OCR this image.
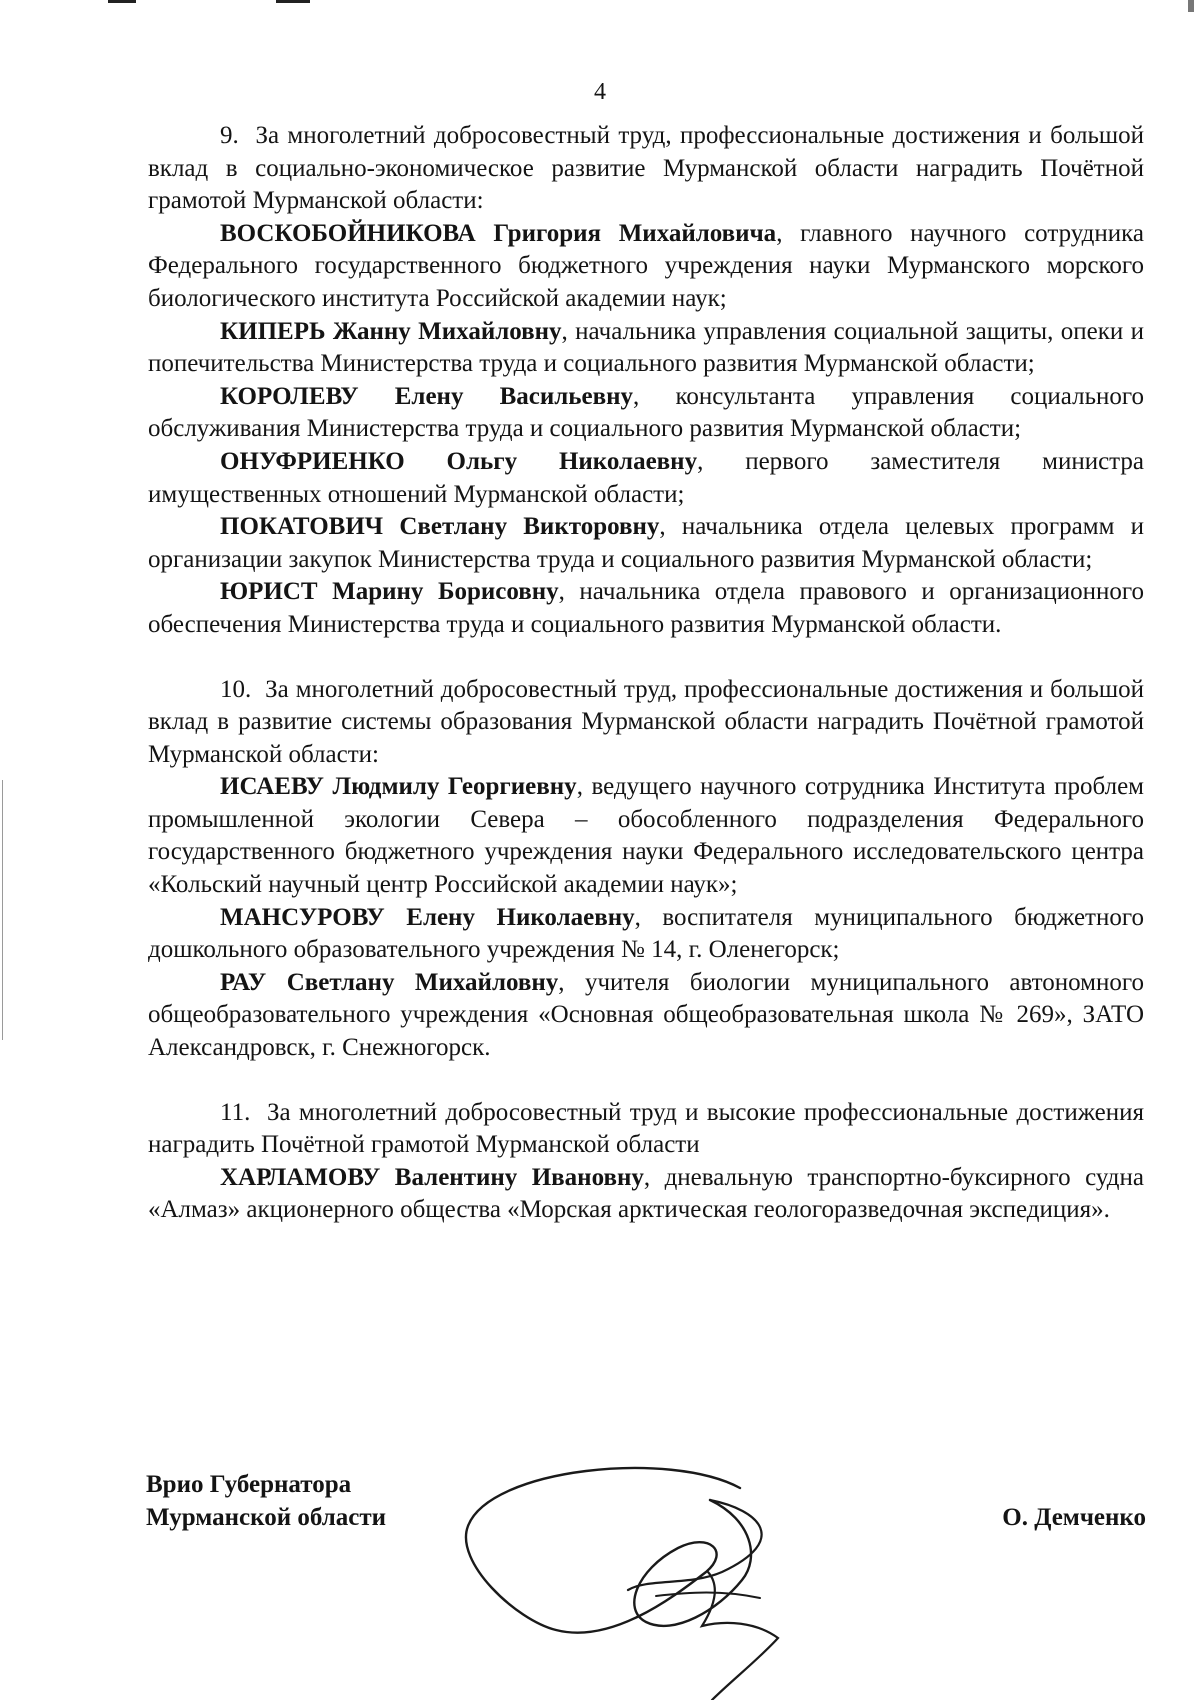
4

9. За многолетний добросовестный труд, профессиональные достижения и большой вклад в социально-экономическое развитие Мурманской области наградить Почётной грамотой Мурманской области:

ВОСКОБОЙНИКОВА Григория Михайловича, главного научного сотрудника Федерального государственного бюджетного учреждения науки Мурманского морского биологического института Российской академии наук;

КИПЕРЬ Жанну Михайловну, начальника управления социальной защиты, опеки и попечительства Министерства труда и социального развития Мурманской области;

КОРОЛЕВУ Елену Васильевну, консультанта управления социального обслуживания Министерства труда и социального развития Мурманской области;

ОНУФРИЕНКО Ольгу Николаевну, первого заместителя министра имущественных отношений Мурманской области;

ПОКАТОВИЧ Светлану Викторовну, начальника отдела целевых программ и организации закупок Министерства труда и социального развития Мурманской области;

ЮРИСТ Марину Борисовну, начальника отдела правового и организационного обеспечения Министерства труда и социального развития Мурманской области.

10. За многолетний добросовестный труд, профессиональные достижения и большой вклад в развитие системы образования Мурманской области наградить Почётной грамотой Мурманской области:

ИСАЕВУ Людмилу Георгиевну, ведущего научного сотрудника Института проблем промышленной экологии Севера – обособленного подразделения Федерального государственного бюджетного учреждения науки Федерального исследовательского центра «Кольский научный центр Российской академии наук»;

МАНСУРОВУ Елену Николаевну, воспитателя муниципального бюджетного дошкольного образовательного учреждения № 14, г. Оленегорск;

РАУ Светлану Михайловну, учителя биологии муниципального автономного общеобразовательного учреждения «Основная общеобразовательная школа № 269», ЗАТО Александровск, г. Снежногорск.

11. За многолетний добросовестный труд и высокие профессиональные достижения наградить Почётной грамотой Мурманской области

ХАРЛАМОВУ Валентину Ивановну, дневальную транспортно-буксирного судна «Алмаз» акционерного общества «Морская арктическая геологоразведочная экспедиция».

Врио Губернатора
Мурманской области	О. Демченко
